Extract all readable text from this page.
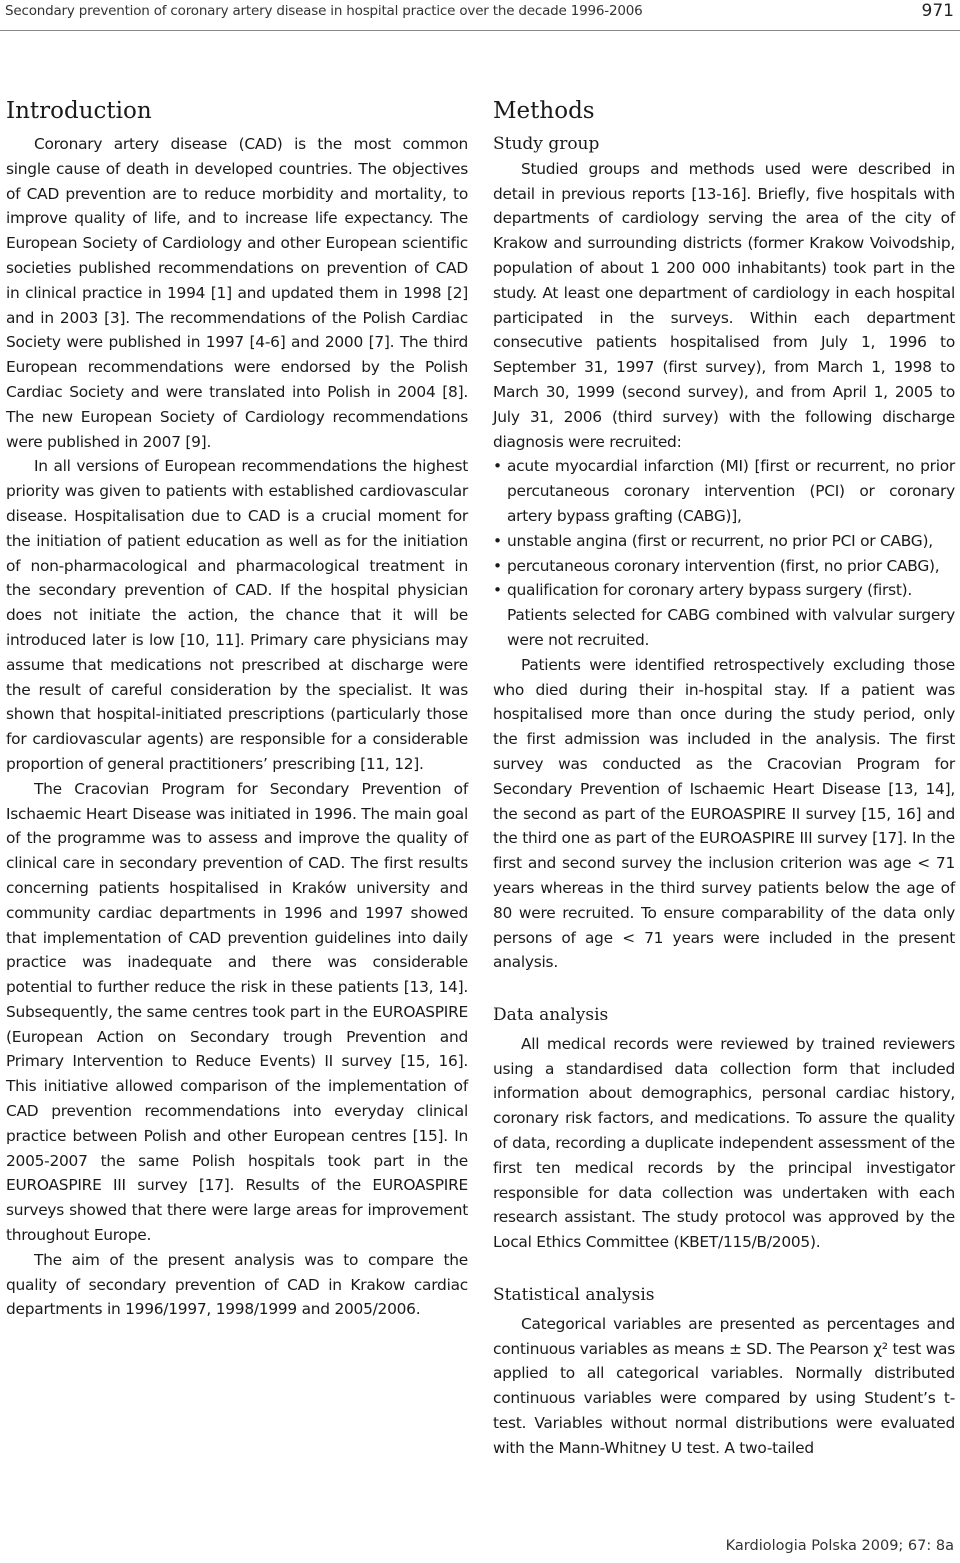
Secondary prevention of coronary artery disease in hospital practice over the decade 1996-2006	971
Introduction

Coronary artery disease (CAD) is the most common single cause of death in developed countries. The objectives of CAD prevention are to reduce morbidity and mortality, to improve quality of life, and to increase life expectancy. The European Society of Cardiology and other European scientific societies published recommendations on prevention of CAD in clinical practice in 1994 [1] and updated them in 1998 [2] and in 2003 [3]. The recommendations of the Polish Cardiac Society were published in 1997 [4-6] and 2000 [7]. The third European recommendations were endorsed by the Polish Cardiac Society and were translated into Polish in 2004 [8]. The new European Society of Cardiology recommendations were published in 2007 [9].

In all versions of European recommendations the highest priority was given to patients with established cardiovascular disease. Hospitalisation due to CAD is a crucial moment for the initiation of patient education as well as for the initiation of non-pharmacological and pharmacological treatment in the secondary prevention of CAD. If the hospital physician does not initiate the action, the chance that it will be introduced later is low [10, 11]. Primary care physicians may assume that medications not prescribed at discharge were the result of careful consideration by the specialist. It was shown that hospital-initiated prescriptions (particularly those for cardiovascular agents) are responsible for a considerable proportion of general practitioners’ prescribing [11, 12].

The Cracovian Program for Secondary Prevention of Ischaemic Heart Disease was initiated in 1996. The main goal of the programme was to assess and improve the quality of clinical care in secondary prevention of CAD. The first results concerning patients hospitalised in Kraków university and community cardiac departments in 1996 and 1997 showed that implementation of CAD prevention guidelines into daily practice was inadequate and there was considerable potential to further reduce the risk in these patients [13, 14]. Subsequently, the same centres took part in the EUROASPIRE (European Action on Secondary trough Prevention and Primary Intervention to Reduce Events) II survey [15, 16]. This initiative allowed comparison of the implementation of CAD prevention recommendations into everyday clinical practice between Polish and other European centres [15]. In 2005-2007 the same Polish hospitals took part in the EUROASPIRE III survey [17]. Results of the EUROASPIRE surveys showed that there were large areas for improvement throughout Europe.

The aim of the present analysis was to compare the quality of secondary prevention of CAD in Krakow cardiac departments in 1996/1997, 1998/1999 and 2005/2006.

Methods
Study group

Studied groups and methods used were described in detail in previous reports [13-16]. Briefly, five hospitals with departments of cardiology serving the area of the city of Krakow and surrounding districts (former Krakow Voivodship, population of about 1 200 000 inhabitants) took part in the study. At least one department of cardiology in each hospital participated in the surveys. Within each department consecutive patients hospitalised from July 1, 1996 to September 31, 1997 (first survey), from March 1, 1998 to March 30, 1999 (second survey), and from April 1, 2005 to July 31, 2006 (third survey) with the following discharge diagnosis were recruited:

• acute myocardial infarction (MI) [first or recurrent, no prior percutaneous coronary intervention (PCI) or coronary artery bypass grafting (CABG)],
• unstable angina (first or recurrent, no prior PCI or CABG),
• percutaneous coronary intervention (first, no prior CABG),
• qualification for coronary artery bypass surgery (first).
Patients selected for CABG combined with valvular surgery were not recruited.

Patients were identified retrospectively excluding those who died during their in-hospital stay. If a patient was hospitalised more than once during the study period, only the first admission was included in the analysis. The first survey was conducted as the Cracovian Program for Secondary Prevention of Ischaemic Heart Disease [13, 14], the second as part of the EUROASPIRE II survey [15, 16] and the third one as part of the EUROASPIRE III survey [17]. In the first and second survey the inclusion criterion was age < 71 years whereas in the third survey patients below the age of 80 were recruited. To ensure comparability of the data only persons of age < 71 years were included in the present analysis.

Data analysis

All medical records were reviewed by trained reviewers using a standardised data collection form that included information about demographics, personal cardiac history, coronary risk factors, and medications. To assure the quality of data, recording a duplicate independent assessment of the first ten medical records by the principal investigator responsible for data collection was undertaken with each research assistant. The study protocol was approved by the Local Ethics Committee (KBET/115/B/2005).

Statistical analysis

Categorical variables are presented as percentages and continuous variables as means ± SD. The Pearson χ² test was applied to all categorical variables. Normally distributed continuous variables were compared by using Student’s t-test. Variables without normal distributions were evaluated with the Mann-Whitney U test. A two-tailed

Kardiologia Polska 2009; 67: 8a
